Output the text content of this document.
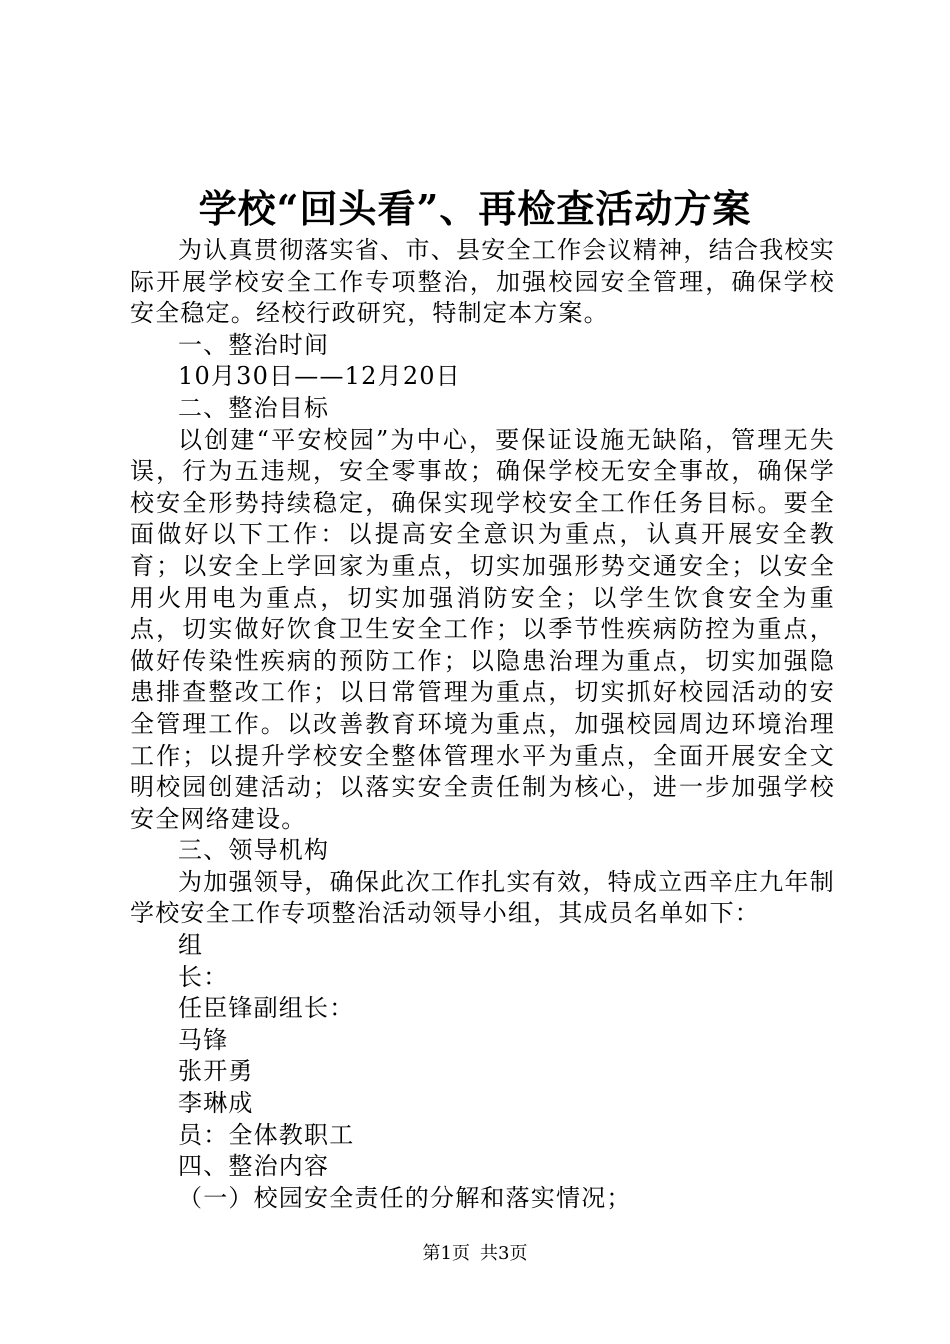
学校“回头看”、再检查活动方案

为认真贯彻落实省、市、县安全工作会议精神，结合我校实际开展学校安全工作专项整治，加强校园安全管理，确保学校安全稳定。经校行政研究，特制定本方案。

一、整治时间

10月30日——12月20日

二、整治目标

以创建“平安校园”为中心，要保证设施无缺陷，管理无失误，行为五违规，安全零事故；确保学校无安全事故，确保学校安全形势持续稳定，确保实现学校安全工作任务目标。要全面做好以下工作：以提高安全意识为重点，认真开展安全教育；以安全上学回家为重点，切实加强形势交通安全；以安全用火用电为重点，切实加强消防安全；以学生饮食安全为重点，切实做好饮食卫生安全工作；以季节性疾病防控为重点，做好传染性疾病的预防工作；以隐患治理为重点，切实加强隐患排查整改工作；以日常管理为重点，切实抓好校园活动的安全管理工作。以改善教育环境为重点，加强校园周边环境治理工作；以提升学校安全整体管理水平为重点，全面开展安全文明校园创建活动；以落实安全责任制为核心，进一步加强学校安全网络建设。

三、领导机构

为加强领导，确保此次工作扎实有效，特成立西辛庄九年制学校安全工作专项整治活动领导小组，其成员名单如下：

组

长：

任臣锋副组长：

马锋

张开勇

李琳成

员：全体教职工

四、整治内容

（一）校园安全责任的分解和落实情况；

第1页 共3页
